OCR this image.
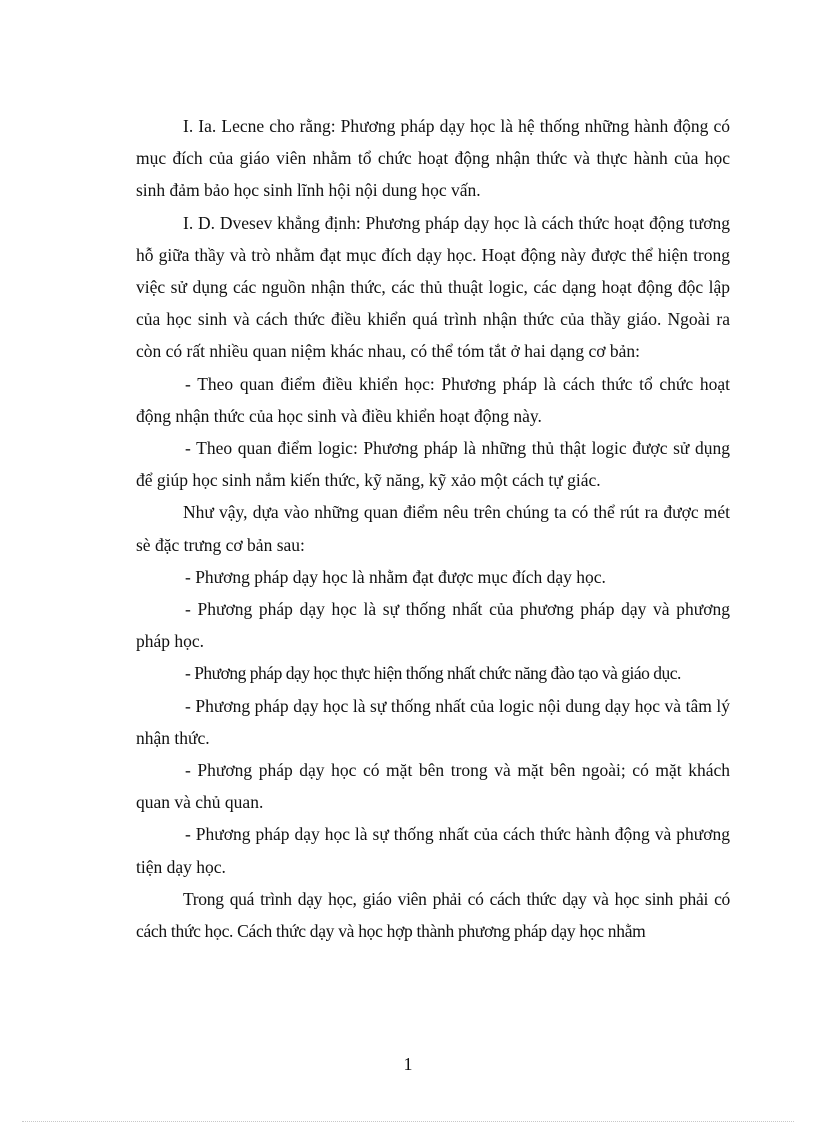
I. Ia. Lecne cho rằng: Phương pháp dạy học là hệ thống những hành động có mục đích của giáo viên nhằm tổ chức hoạt động nhận thức và thực hành của học sinh đảm bảo học sinh lĩnh hội nội dung học vấn.

I. D. Dvesev khẳng định: Phương pháp dạy học là cách thức hoạt động tương hỗ giữa thầy và trò nhằm đạt mục đích dạy học. Hoạt động này được thể hiện trong việc sử dụng các nguồn nhận thức, các thủ thuật logic, các dạng hoạt động độc lập của học sinh và cách thức điều khiển quá trình nhận thức của thầy giáo. Ngoài ra còn có rất nhiều quan niệm khác nhau, có thể tóm tắt ở hai dạng cơ bản:

- Theo quan điểm điều khiển học: Phương pháp là cách thức tổ chức hoạt động nhận thức của học sinh và điều khiển hoạt động này.

- Theo quan điểm logic: Phương pháp là những thủ thật logic được sử dụng để giúp học sinh nắm kiến thức, kỹ năng, kỹ xảo một cách tự giác.

Như vậy, dựa vào những quan điểm nêu trên chúng ta có thể rút ra được mét sè đặc trưng cơ bản sau:

- Phương pháp dạy học là nhằm đạt được mục đích dạy học.

- Phương pháp dạy học là sự thống nhất của phương pháp dạy và phương pháp học.

- Phương pháp dạy học thực hiện thống nhất chức năng đào tạo và giáo dục.

- Phương pháp dạy học là sự thống nhất của logic nội dung dạy học và tâm lý nhận thức.

- Phương pháp dạy học có mặt bên trong và mặt bên ngoài; có mặt khách quan và chủ quan.

- Phương pháp dạy học là sự thống nhất của cách thức hành động và phương tiện dạy học.

Trong quá trình dạy học, giáo viên phải có cách thức dạy và học sinh phải có cách thức học. Cách thức dạy và học hợp thành phương pháp dạy học nhằm

1
